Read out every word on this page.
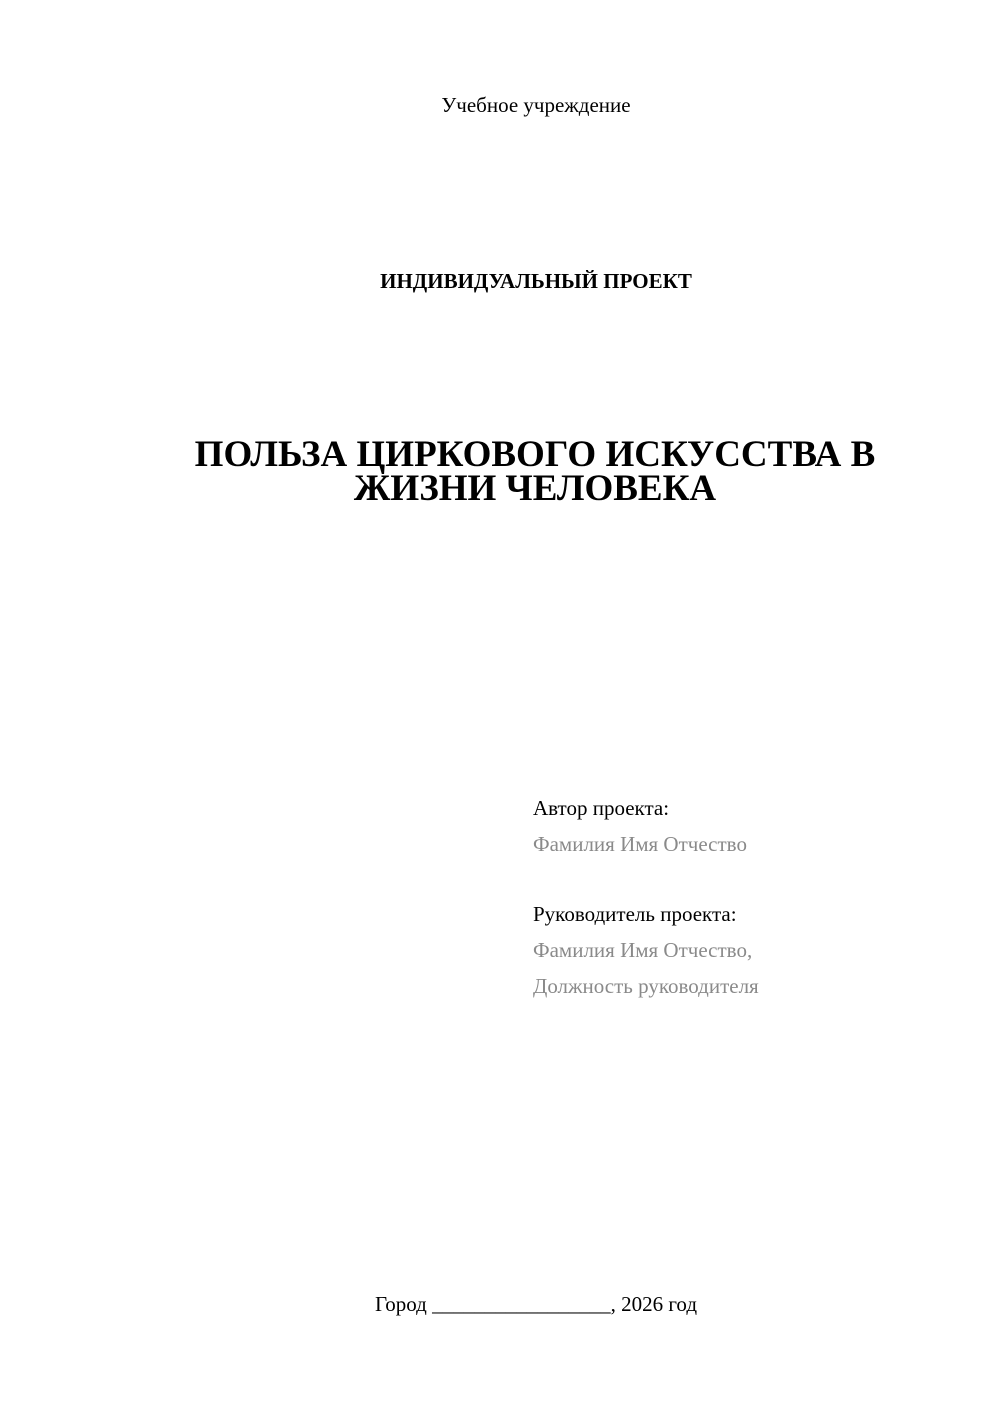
Учебное учреждение
ИНДИВИДУАЛЬНЫЙ ПРОЕКТ
ПОЛЬЗА ЦИРКОВОГО ИСКУССТВА В
ЖИЗНИ ЧЕЛОВЕКА
Автор проекта:
Фамилия Имя Отчество
Руководитель проекта:
Фамилия Имя Отчество,
Должность руководителя
Город _________________, 2026 год
